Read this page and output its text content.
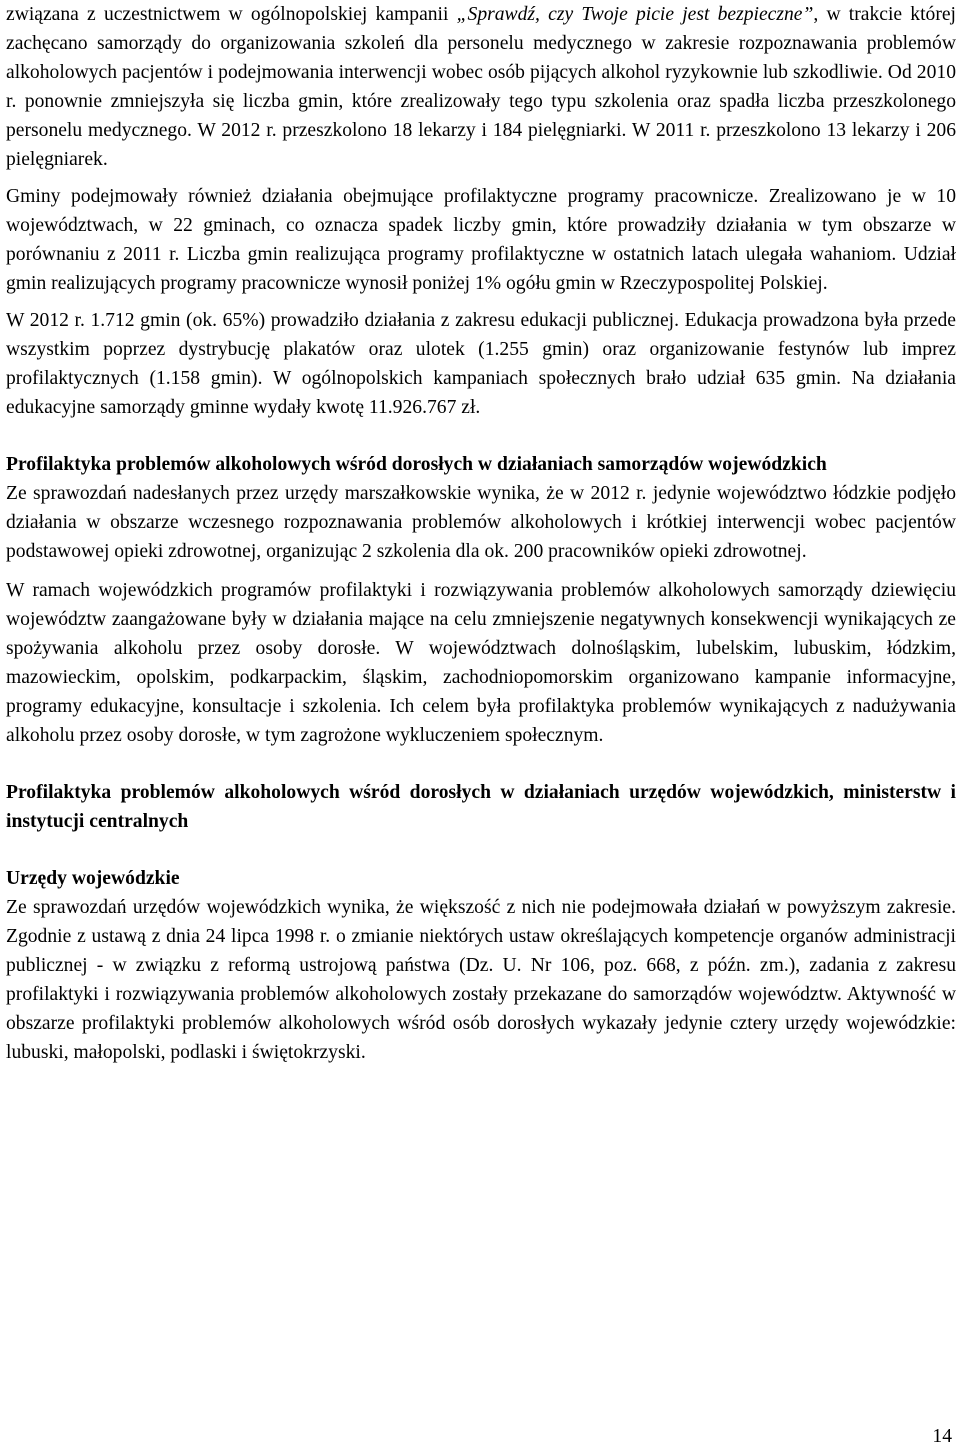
związana z uczestnictwem w ogólnopolskiej kampanii „Sprawdź, czy Twoje picie jest bezpieczne”, w trakcie której zachęcano samorządy do organizowania szkoleń dla personelu medycznego w zakresie rozpoznawania problemów alkoholowych pacjentów i podejmowania interwencji wobec osób pijących alkohol ryzykownie lub szkodliwie. Od 2010 r. ponownie zmniejszyła się liczba gmin, które zrealizowały tego typu szkolenia oraz spadła liczba przeszkolonego personelu medycznego. W 2012 r. przeszkolono 18 lekarzy i 184 pielęgniarki. W 2011 r. przeszkolono 13 lekarzy i 206 pielęgniarek.

Gminy podejmowały również działania obejmujące profilaktyczne programy pracownicze. Zrealizowano je w 10 województwach, w 22 gminach, co oznacza spadek liczby gmin, które prowadziły działania w tym obszarze w porównaniu z 2011 r. Liczba gmin realizująca programy profilaktyczne w ostatnich latach ulegała wahaniom. Udział gmin realizujących programy pracownicze wynosił poniżej 1% ogółu gmin w Rzeczypospolitej Polskiej.

W 2012 r. 1.712 gmin (ok. 65%) prowadziło działania z zakresu edukacji publicznej. Edukacja prowadzona była przede wszystkim poprzez dystrybucję plakatów oraz ulotek (1.255 gmin) oraz organizowanie festynów lub imprez profilaktycznych (1.158 gmin). W ogólnopolskich kampaniach społecznych brało udział 635 gmin. Na działania edukacyjne samorządy gminne wydały kwotę 11.926.767 zł.

Profilaktyka problemów alkoholowych wśród dorosłych w działaniach samorządów wojewódzkich

Ze sprawozdań nadesłanych przez urzędy marszałkowskie wynika, że w 2012 r. jedynie województwo łódzkie podjęło działania w obszarze wczesnego rozpoznawania problemów alkoholowych i krótkiej interwencji wobec pacjentów podstawowej opieki zdrowotnej, organizując 2 szkolenia dla ok. 200 pracowników opieki zdrowotnej.

W ramach wojewódzkich programów profilaktyki i rozwiązywania problemów alkoholowych samorządy dziewięciu województw zaangażowane były w działania mające na celu zmniejszenie negatywnych konsekwencji wynikających ze spożywania alkoholu przez osoby dorosłe. W województwach dolnośląskim, lubelskim, lubuskim, łódzkim, mazowieckim, opolskim, podkarpackim, śląskim, zachodniopomorskim organizowano kampanie informacyjne, programy edukacyjne, konsultacje i szkolenia. Ich celem była profilaktyka problemów wynikających z nadużywania alkoholu przez osoby dorosłe, w tym zagrożone wykluczeniem społecznym.

Profilaktyka problemów alkoholowych wśród dorosłych w działaniach urzędów wojewódzkich, ministerstw i instytucji centralnych
Urzędy wojewódzkie

Ze sprawozdań urzędów wojewódzkich wynika, że większość z nich nie podejmowała działań w powyższym zakresie. Zgodnie z ustawą z dnia 24 lipca 1998 r. o zmianie niektórych ustaw określających kompetencje organów administracji publicznej - w związku z reformą ustrojową państwa (Dz. U. Nr 106, poz. 668, z późn. zm.), zadania z zakresu profilaktyki i rozwiązywania problemów alkoholowych zostały przekazane do samorządów województw. Aktywność w obszarze profilaktyki problemów alkoholowych wśród osób dorosłych wykazały jedynie cztery urzędy wojewódzkie: lubuski, małopolski, podlaski i świętokrzyski.

14
